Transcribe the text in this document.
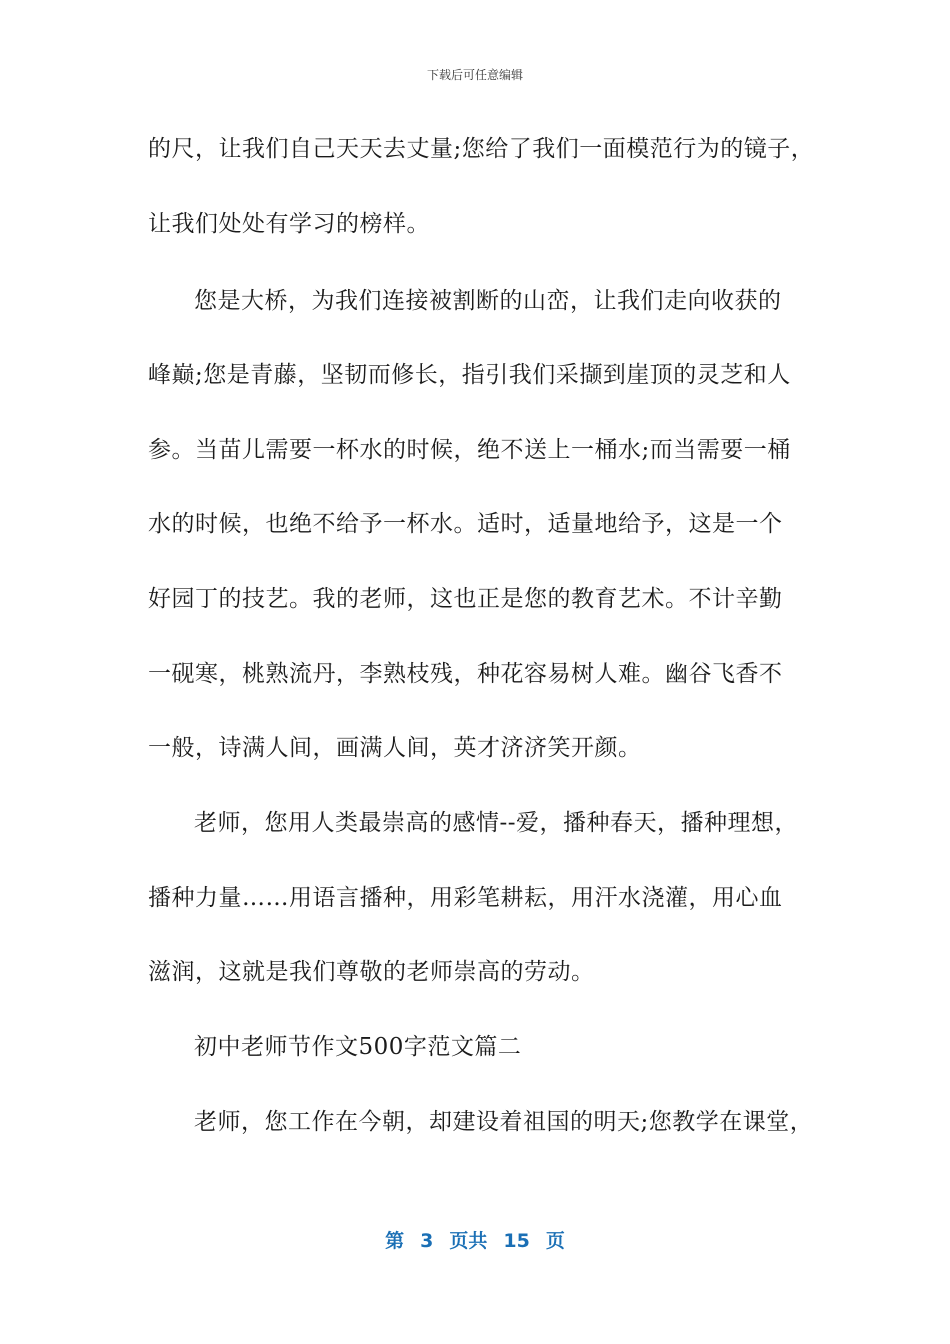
下载后可任意编辑
的尺，让我们自己天天去丈量;您给了我们一面模范行为的镜子，
让我们处处有学习的榜样。
您是大桥，为我们连接被割断的山峦，让我们走向收获的
峰巅;您是青藤，坚韧而修长，指引我们采撷到崖顶的灵芝和人
参。当苗儿需要一杯水的时候，绝不送上一桶水;而当需要一桶
水的时候，也绝不给予一杯水。适时，适量地给予，这是一个
好园丁的技艺。我的老师，这也正是您的教育艺术。不计辛勤
一砚寒，桃熟流丹，李熟枝残，种花容易树人难。幽谷飞香不
一般，诗满人间，画满人间，英才济济笑开颜。
老师，您用人类最崇高的感情--爱，播种春天，播种理想，
播种力量……用语言播种，用彩笔耕耘，用汗水浇灌，用心血
滋润，这就是我们尊敬的老师崇高的劳动。
初中老师节作文500字范文篇二
老师，您工作在今朝，却建设着祖国的明天;您教学在课堂，
第 3 页共 15 页
